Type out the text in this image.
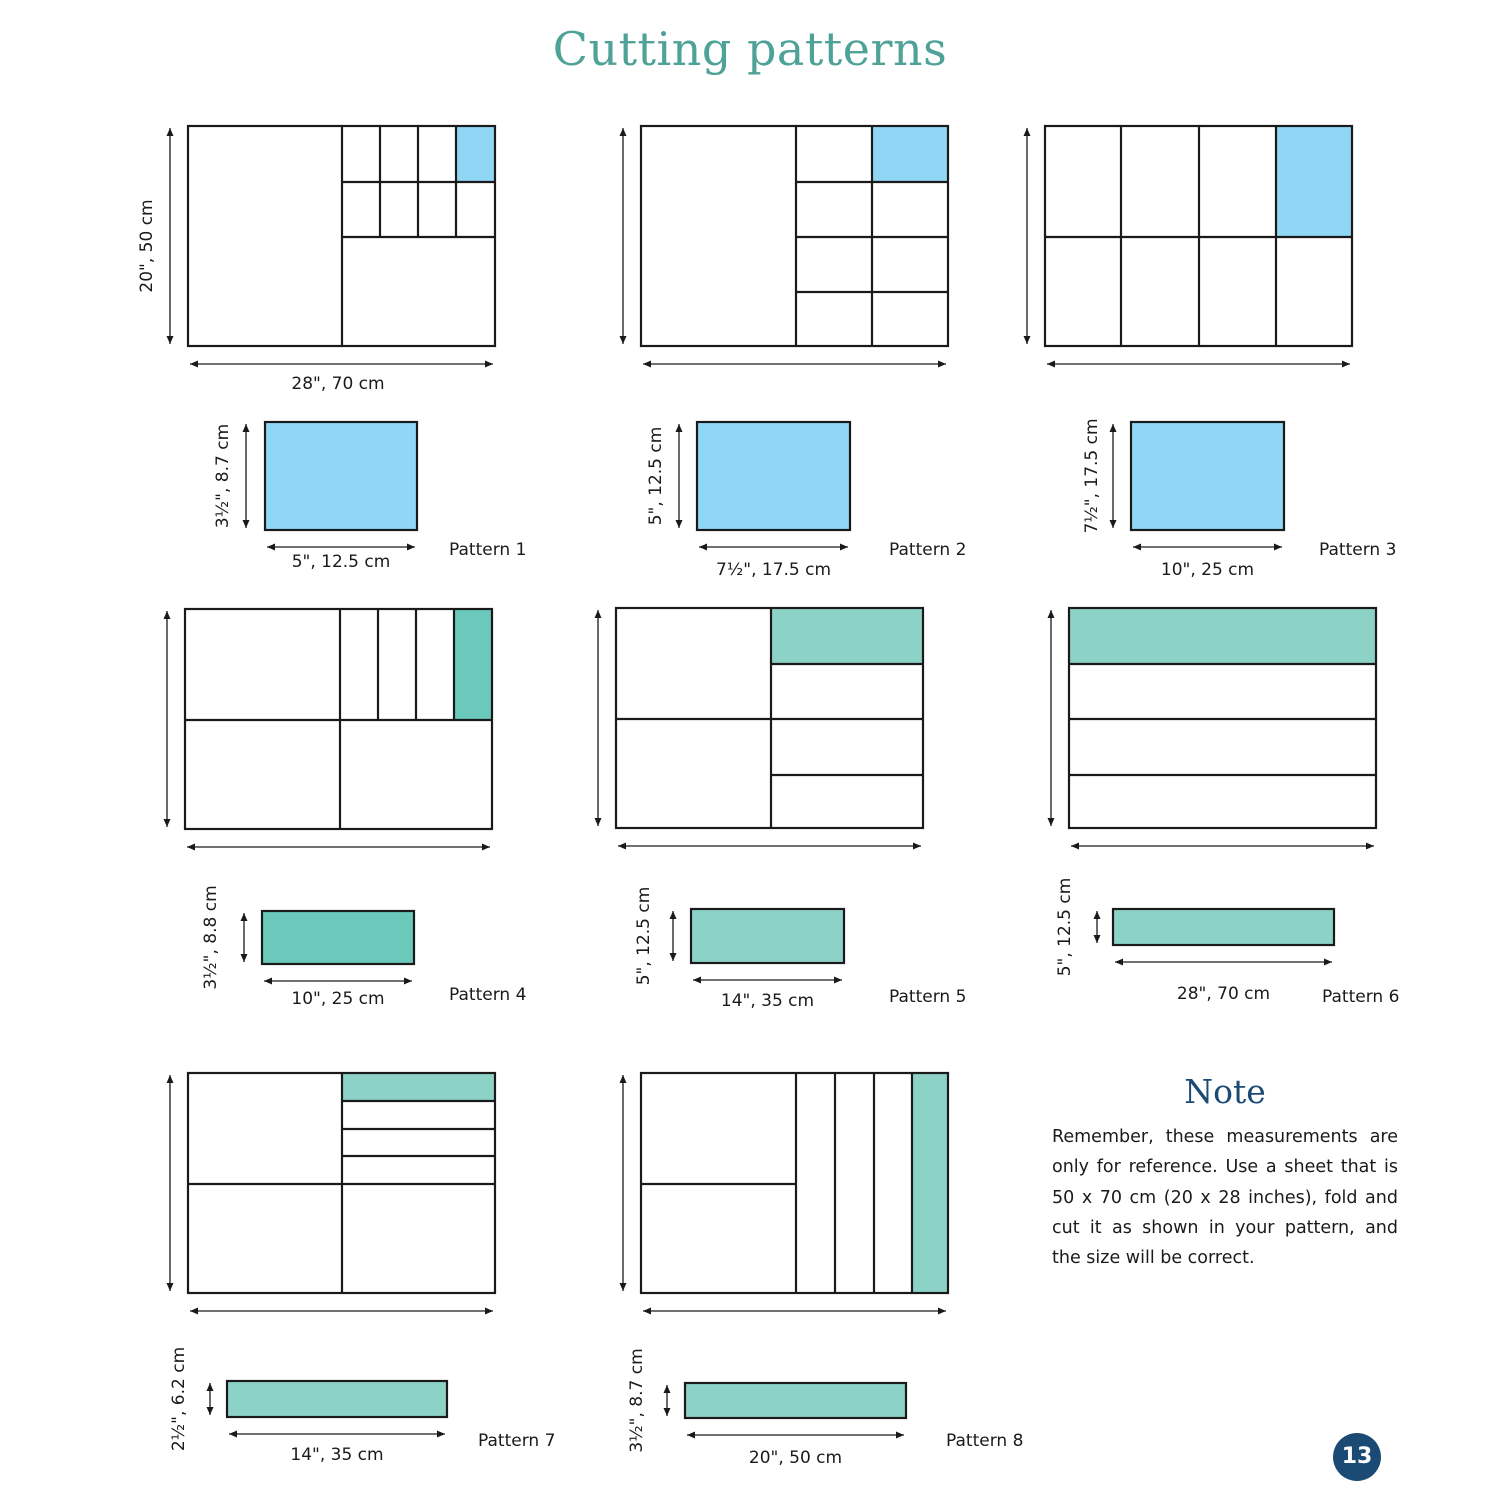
Cutting patterns
20", 50 cm
28", 70 cm
3½", 8.7 cm
5", 12.5 cm
Pattern 1
5", 12.5 cm
7½", 17.5 cm
Pattern 2
7½", 17.5 cm
10", 25 cm
Pattern 3
3½", 8.8 cm
10", 25 cm	Pattern 4
5", 12.5 cm
14", 35 cm	Pattern 5
5", 12.5 cm
28", 70 cm	Pattern 6
2½", 6.2 cm
14", 35 cm
Pattern 7	3½", 8.7 cm
20", 50 cm
Pattern 8
Note
Remember, these measurements are only for reference. Use a sheet that is 50 x 70 cm (20 x 28 inches), fold and cut it as shown in your pattern, and the size will be correct.
13
